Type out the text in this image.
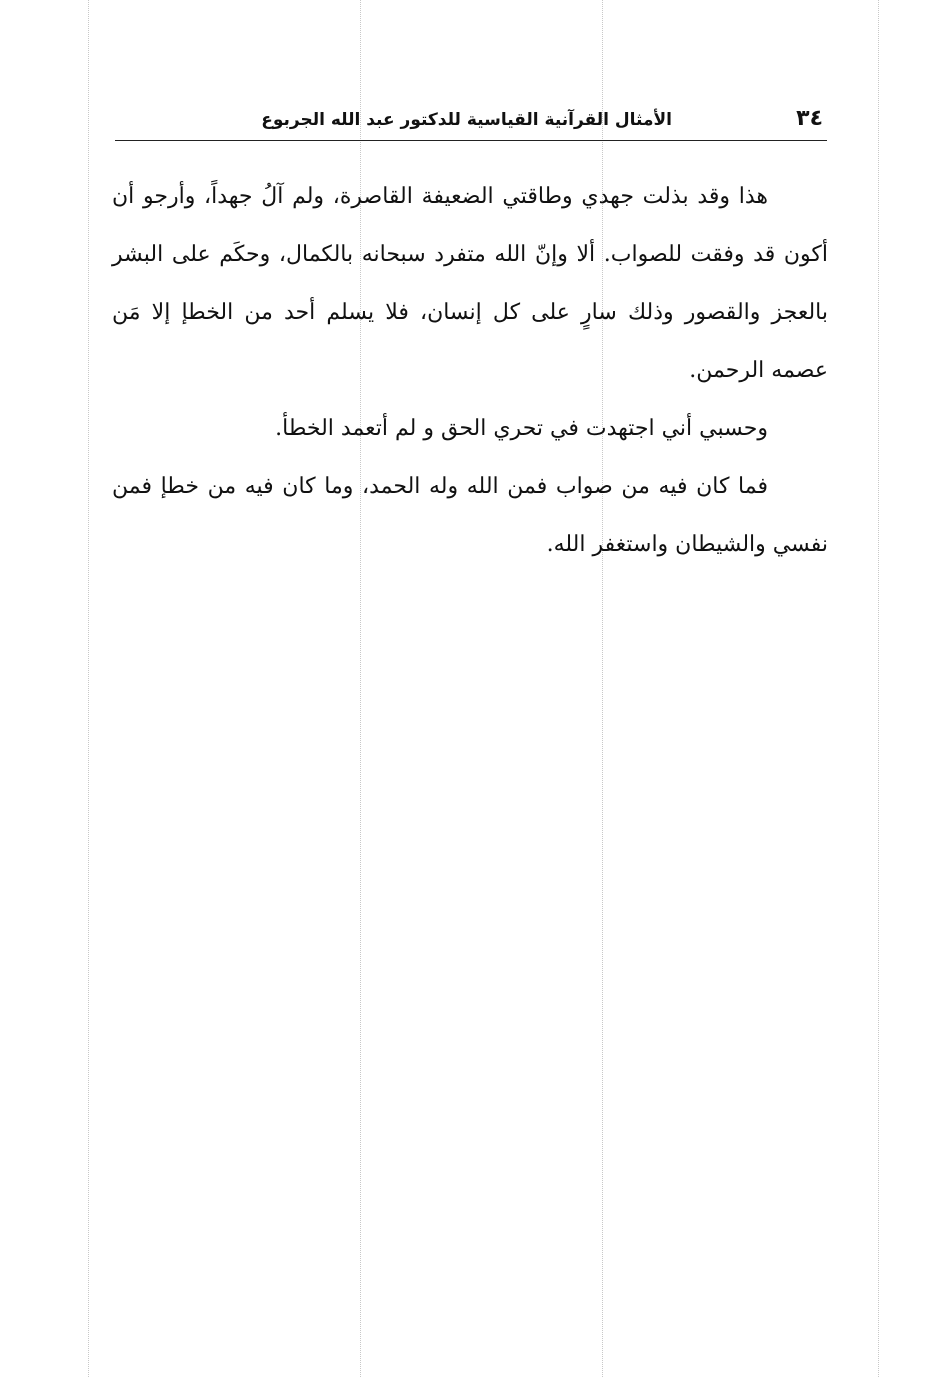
٣٤
الأمثال القرآنية القياسية للدكتور عبد الله الجربوع

هذا وقد بذلت جهدي وطاقتي الضعيفة القاصرة، ولم آلُ جهداً، وأرجو أن أكون قد وفقت للصواب. ألا وإنّ الله متفرد سبحانه بالكمال، وحكَم على البشر بالعجز والقصور وذلك سارٍ على كل إنسان، فلا يسلم أحد من الخطإ إلا مَن عصمه الرحمن.

وحسبي أني اجتهدت في تحري الحق و لم أتعمد الخطأ.

فما كان فيه من صواب فمن الله وله الحمد، وما كان فيه من خطإ فمن نفسي والشيطان واستغفر الله.
